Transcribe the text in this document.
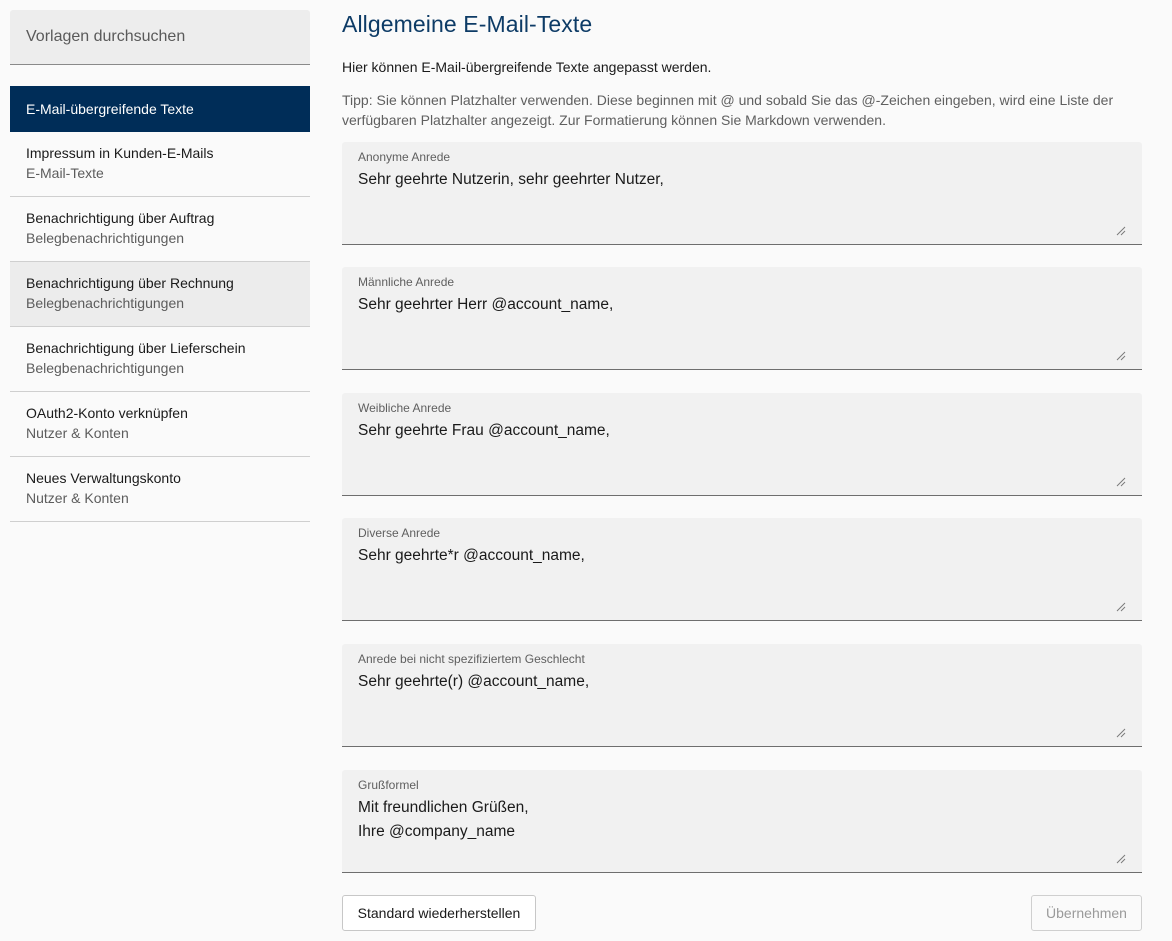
Vorlagen durchsuchen
E-Mail-übergreifende Texte
Impressum in Kunden-E-Mails
E-Mail-Texte
Benachrichtigung über Auftrag
Belegbenachrichtigungen
Benachrichtigung über Rechnung
Belegbenachrichtigungen
Benachrichtigung über Lieferschein
Belegbenachrichtigungen
OAuth2-Konto verknüpfen
Nutzer & Konten
Neues Verwaltungskonto
Nutzer & Konten
Allgemeine E-Mail-Texte
Hier können E-Mail-übergreifende Texte angepasst werden.
Tipp: Sie können Platzhalter verwenden. Diese beginnen mit @ und sobald Sie das @-Zeichen eingeben, wird eine Liste der verfügbaren Platzhalter angezeigt. Zur Formatierung können Sie Markdown verwenden.
Anonyme Anrede
Sehr geehrte Nutzerin, sehr geehrter Nutzer,
Männliche Anrede
Sehr geehrter Herr @account_name,
Weibliche Anrede
Sehr geehrte Frau @account_name,
Diverse Anrede
Sehr geehrte*r @account_name,
Anrede bei nicht spezifiziertem Geschlecht
Sehr geehrte(r) @account_name,
Grußformel
Mit freundlichen Grüßen,
Ihre @company_name
Standard wiederherstellen	Übernehmen
